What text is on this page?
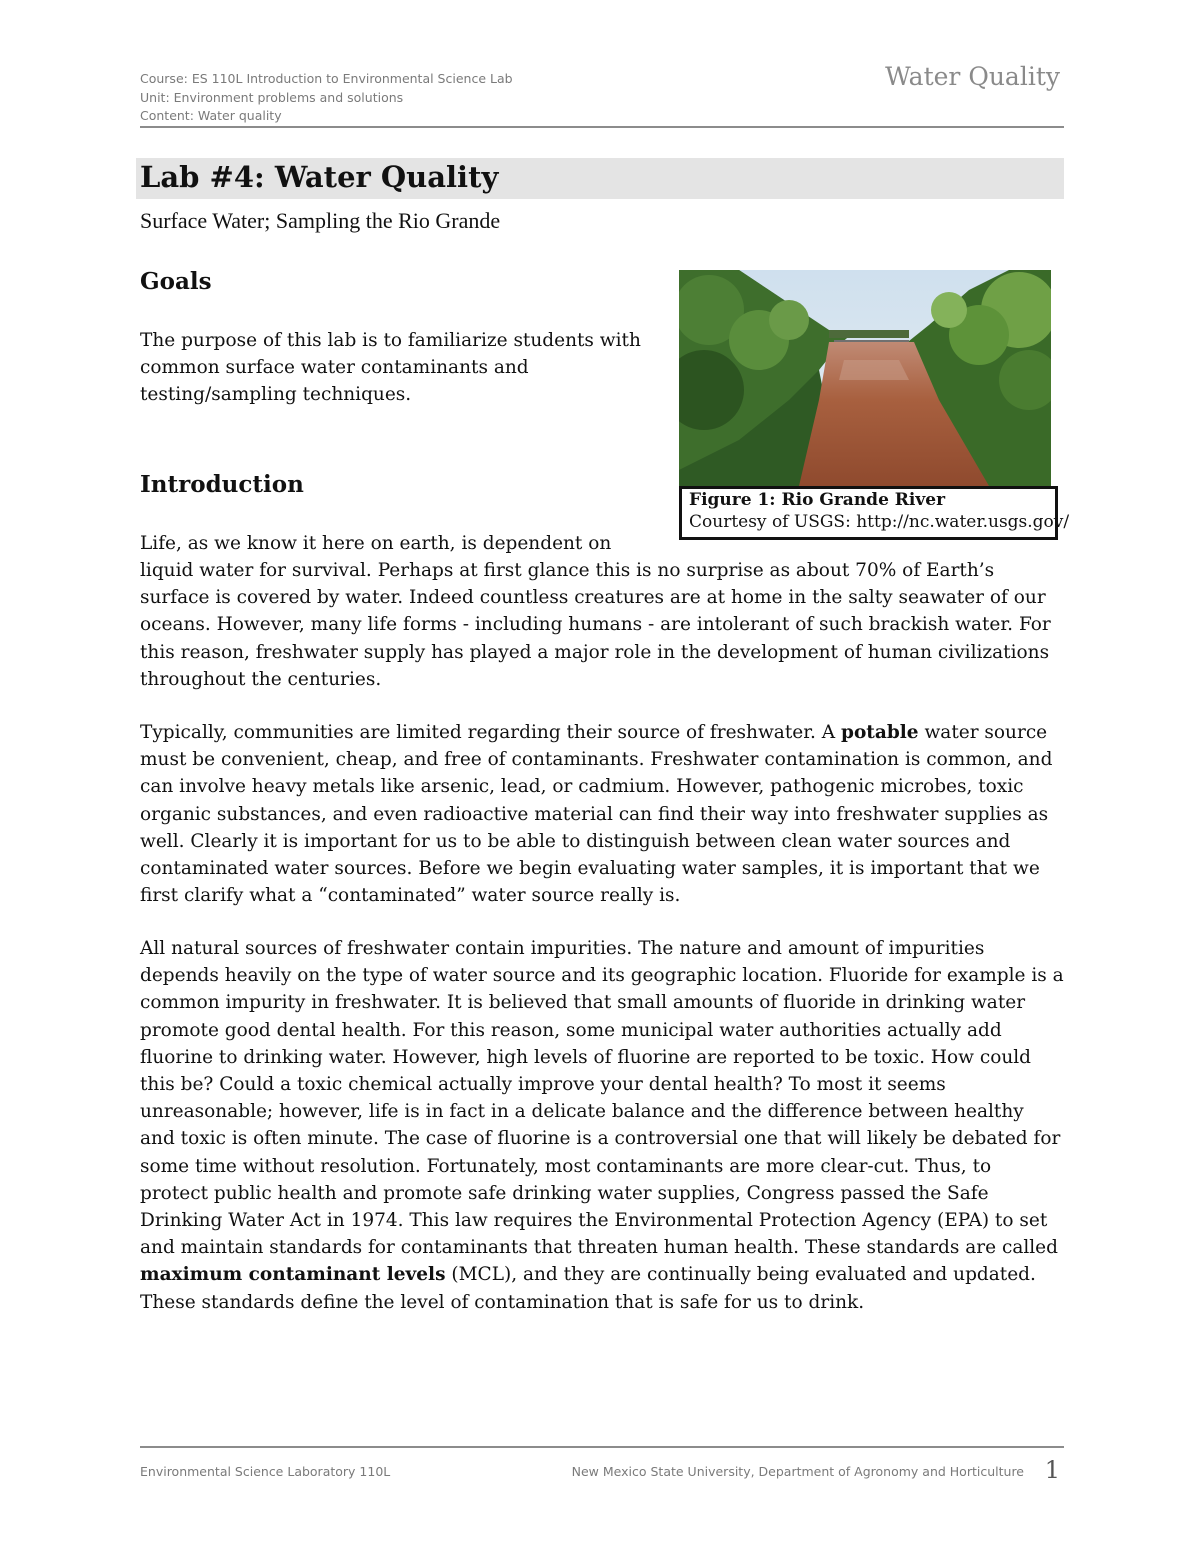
Course: ES 110L Introduction to Environmental Science Lab
Unit: Environment problems and solutions
Content: Water quality
Water Quality
Lab #4: Water Quality
Surface Water; Sampling the Rio Grande
Goals

The purpose of this lab is to familiarize students with common surface water contaminants and testing/sampling techniques.

Figure 1: Rio Grande River
Courtesy of USGS: http://nc.water.usgs.gov/
Introduction

Life, as we know it here on earth, is dependent on

liquid water for survival. Perhaps at first glance this is no surprise as about 70% of Earth’s surface is covered by water. Indeed countless creatures are at home in the salty seawater of our oceans. However, many life forms - including humans - are intolerant of such brackish water. For this reason, freshwater supply has played a major role in the development of human civilizations throughout the centuries.

Typically, communities are limited regarding their source of freshwater. A potable water source must be convenient, cheap, and free of contaminants. Freshwater contamination is common, and can involve heavy metals like arsenic, lead, or cadmium. However, pathogenic microbes, toxic organic substances, and even radioactive material can find their way into freshwater supplies as well. Clearly it is important for us to be able to distinguish between clean water sources and contaminated water sources. Before we begin evaluating water samples, it is important that we first clarify what a “contaminated” water source really is.

All natural sources of freshwater contain impurities. The nature and amount of impurities depends heavily on the type of water source and its geographic location. Fluoride for example is a common impurity in freshwater. It is believed that small amounts of fluoride in drinking water promote good dental health. For this reason, some municipal water authorities actually add fluorine to drinking water. However, high levels of fluorine are reported to be toxic. How could this be? Could a toxic chemical actually improve your dental health? To most it seems unreasonable; however, life is in fact in a delicate balance and the difference between healthy and toxic is often minute. The case of fluorine is a controversial one that will likely be debated for some time without resolution. Fortunately, most contaminants are more clear-cut. Thus, to protect public health and promote safe drinking water supplies, Congress passed the Safe Drinking Water Act in 1974. This law requires the Environmental Protection Agency (EPA) to set and maintain standards for contaminants that threaten human health. These standards are called maximum contaminant levels (MCL), and they are continually being evaluated and updated. These standards define the level of contamination that is safe for us to drink.

Environmental Science Laboratory 110L	New Mexico State University, Department of Agronomy and Horticulture 1
